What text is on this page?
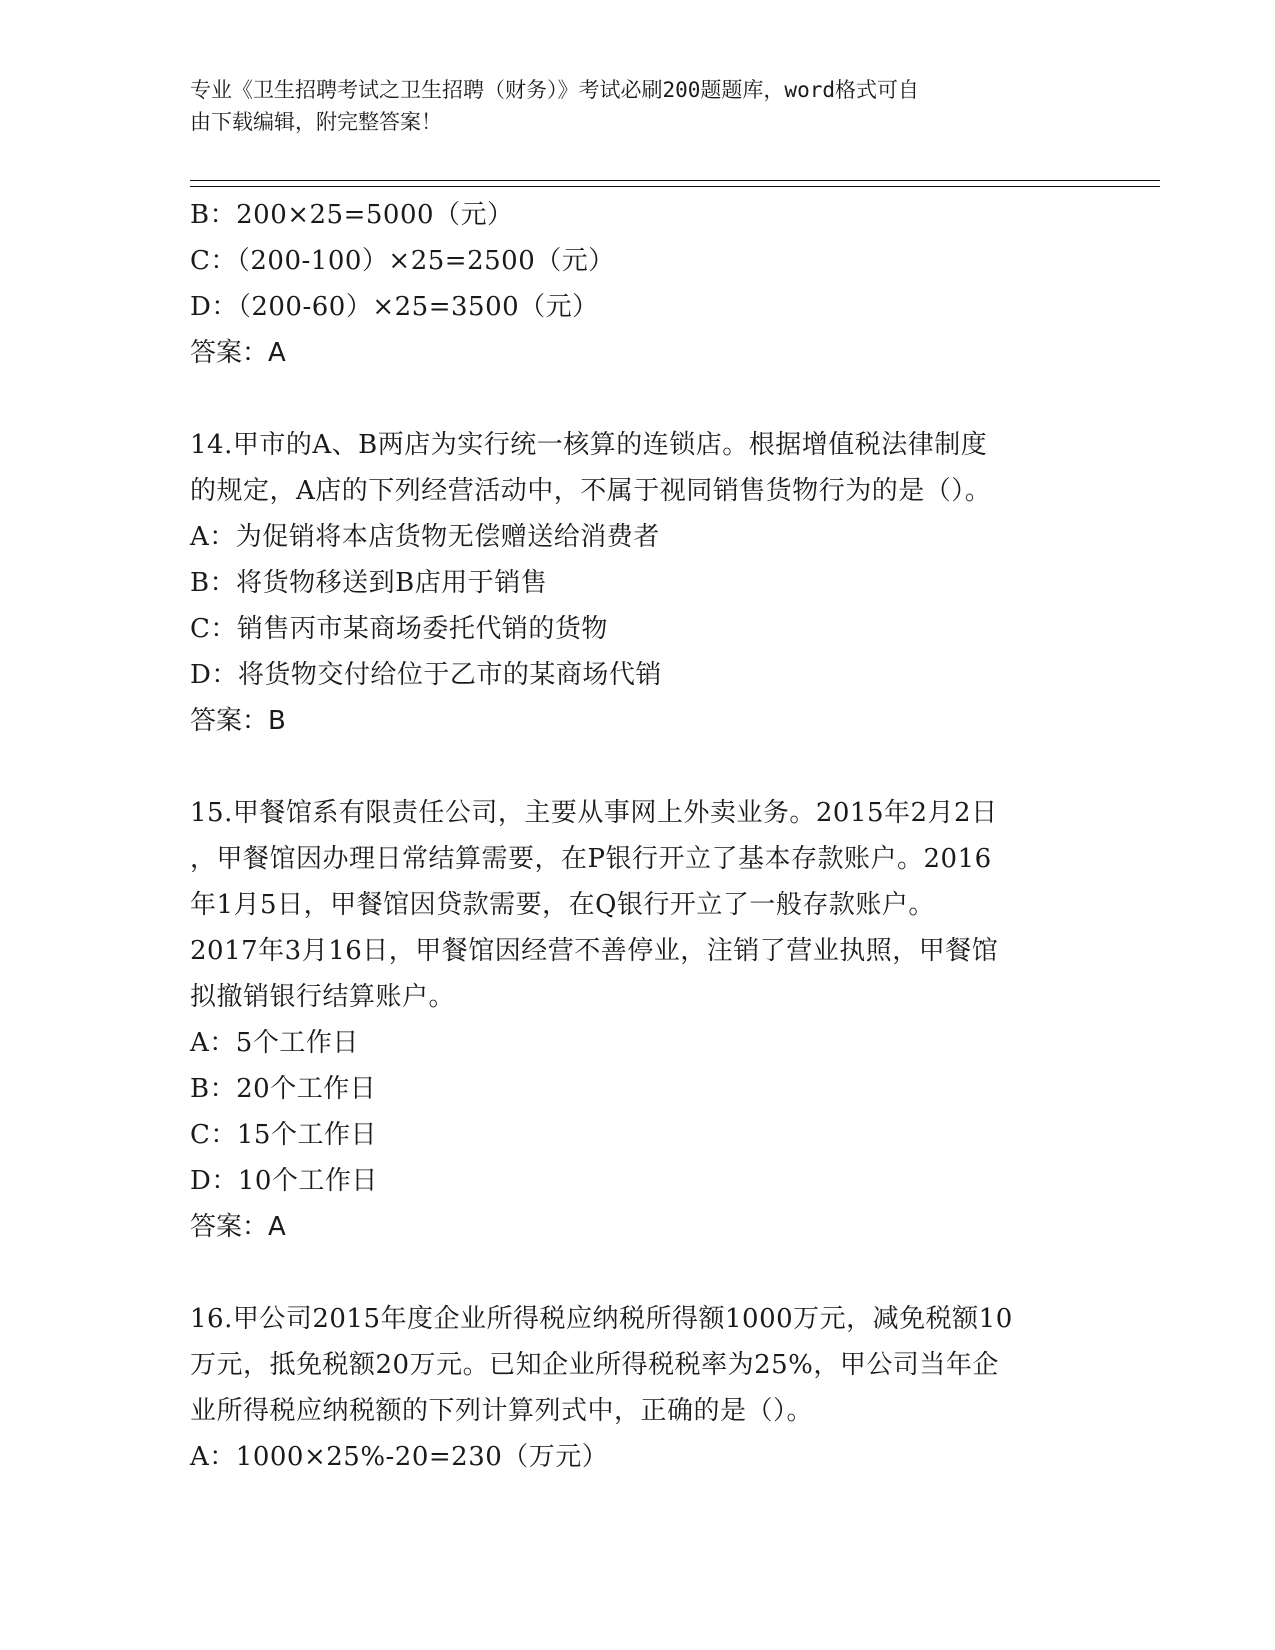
专业《卫生招聘考试之卫生招聘（财务）》考试必刷200题题库，word格式可自
由下载编辑，附完整答案！
B：200×25=5000（元）
C：（200-100）×25=2500（元）
D：（200-60）×25=3500（元）
答案：A
14.甲市的A、B两店为实行统一核算的连锁店。根据增值税法律制度
的规定，A店的下列经营活动中，不属于视同销售货物行为的是（）。
A：为促销将本店货物无偿赠送给消费者
B：将货物移送到B店用于销售
C：销售丙市某商场委托代销的货物
D：将货物交付给位于乙市的某商场代销
答案：B
15.甲餐馆系有限责任公司，主要从事网上外卖业务。2015年2月2日
，甲餐馆因办理日常结算需要，在P银行开立了基本存款账户。2016
年1月5日，甲餐馆因贷款需要，在Q银行开立了一般存款账户。
2017年3月16日，甲餐馆因经营不善停业，注销了营业执照，甲餐馆
拟撤销银行结算账户。
A：5个工作日
B：20个工作日
C：15个工作日
D：10个工作日
答案：A
16.甲公司2015年度企业所得税应纳税所得额1000万元，减免税额10
万元，抵免税额20万元。已知企业所得税税率为25%，甲公司当年企
业所得税应纳税额的下列计算列式中，正确的是（）。
A：1000×25%-20=230（万元）
